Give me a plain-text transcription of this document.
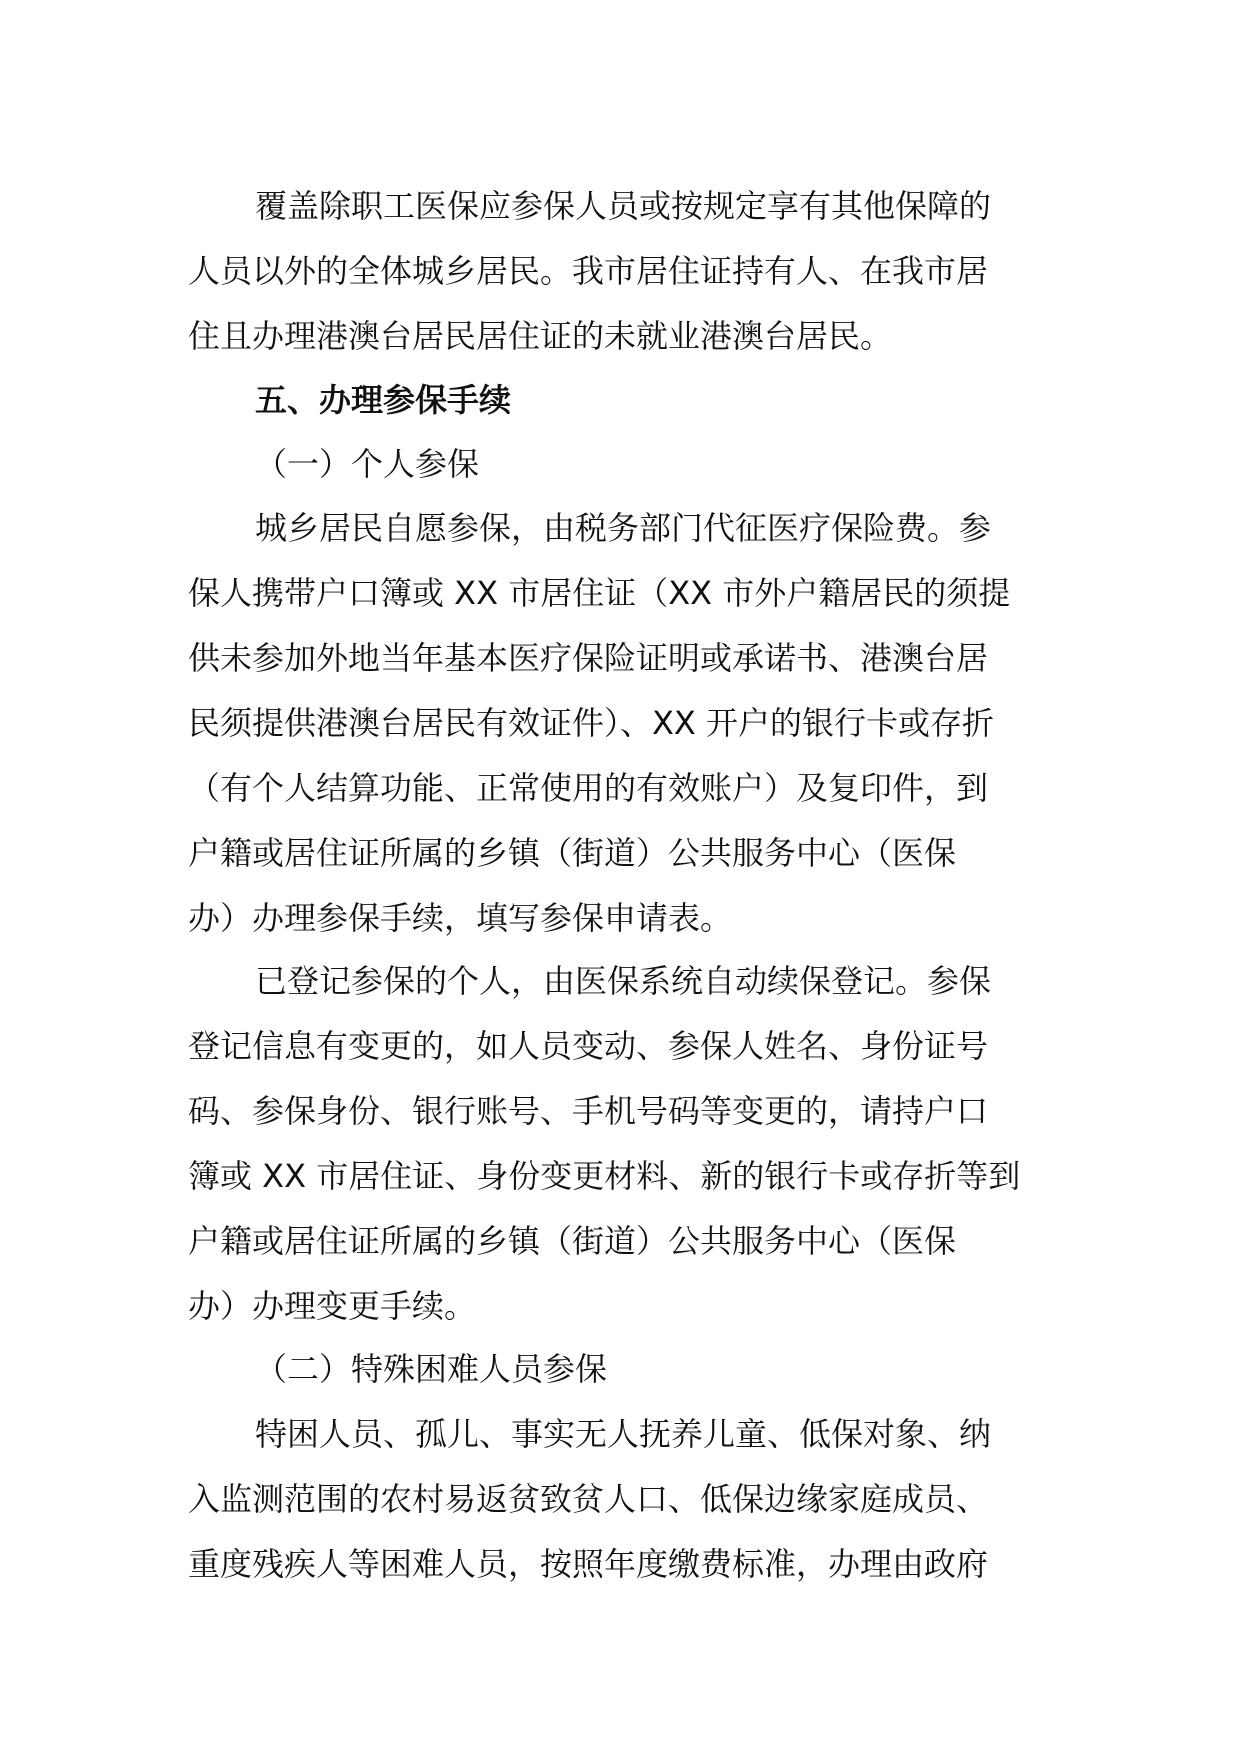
覆盖除职工医保应参保人员或按规定享有其他保障的
人员以外的全体城乡居民。我市居住证持有人、在我市居
住且办理港澳台居民居住证的未就业港澳台居民。
五、办理参保手续
（一）个人参保
城乡居民自愿参保，由税务部门代征医疗保险费。参
保人携带户口簿或 XX 市居住证（XX 市外户籍居民的须提
供未参加外地当年基本医疗保险证明或承诺书、港澳台居
民须提供港澳台居民有效证件）、XX 开户的银行卡或存折
（有个人结算功能、正常使用的有效账户）及复印件，到
户籍或居住证所属的乡镇（街道）公共服务中心（医保
办）办理参保手续，填写参保申请表。
已登记参保的个人，由医保系统自动续保登记。参保
登记信息有变更的，如人员变动、参保人姓名、身份证号
码、参保身份、银行账号、手机号码等变更的，请持户口
簿或 XX 市居住证、身份变更材料、新的银行卡或存折等到
户籍或居住证所属的乡镇（街道）公共服务中心（医保
办）办理变更手续。
（二）特殊困难人员参保
特困人员、孤儿、事实无人抚养儿童、低保对象、纳
入监测范围的农村易返贫致贫人口、低保边缘家庭成员、
重度残疾人等困难人员，按照年度缴费标准，办理由政府
